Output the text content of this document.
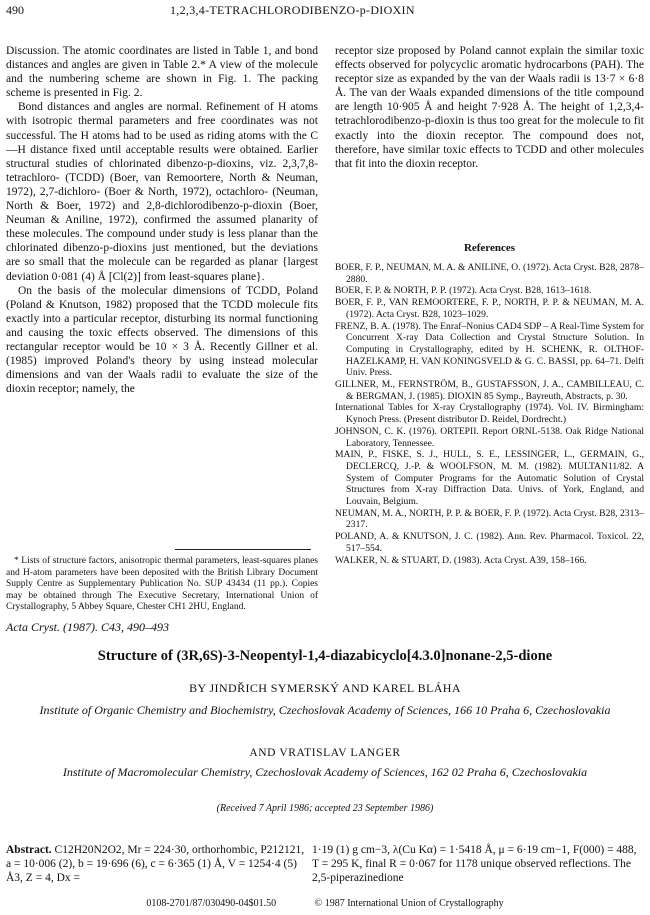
490	1,2,3,4-TETRACHLORODIBENZO-p-DIOXIN

Discussion. The atomic coordinates are listed in Table 1, and bond distances and angles are given in Table 2.* A view of the molecule and the numbering scheme are shown in Fig. 1. The packing scheme is presented in Fig. 2.

Bond distances and angles are normal. Refinement of H atoms with isotropic thermal parameters and free coordinates was not successful. The H atoms had to be used as riding atoms with the C—H distance fixed until acceptable results were obtained. Earlier structural studies of chlorinated dibenzo-p-dioxins, viz. 2,3,7,8-tetrachloro- (TCDD) (Boer, van Remoortere, North & Neuman, 1972), 2,7-dichloro- (Boer & North, 1972), octachloro- (Neuman, North & Boer, 1972) and 2,8-dichlorodibenzo-p-dioxin (Boer, Neuman & Aniline, 1972), confirmed the assumed planarity of these molecules. The compound under study is less planar than the chlorinated dibenzo-p-dioxins just mentioned, but the deviations are so small that the molecule can be regarded as planar {largest deviation 0·081 (4) Å [Cl(2)] from least-squares plane}.

On the basis of the molecular dimensions of TCDD, Poland (Poland & Knutson, 1982) proposed that the TCDD molecule fits exactly into a particular receptor, disturbing its normal functioning and causing the toxic effects observed. The dimensions of this rectangular receptor would be 10 × 3 Å. Recently Gillner et al. (1985) improved Poland's theory by using instead molecular dimensions and van der Waals radii to evaluate the size of the dioxin receptor; namely, the

* Lists of structure factors, anisotropic thermal parameters, least-squares planes and H-atom parameters have been deposited with the British Library Document Supply Centre as Supplementary Publication No. SUP 43434 (11 pp.). Copies may be obtained through The Executive Secretary, International Union of Crystallography, 5 Abbey Square, Chester CH1 2HU, England.

receptor size proposed by Poland cannot explain the similar toxic effects observed for polycyclic aromatic hydrocarbons (PAH). The receptor size as expanded by the van der Waals radii is 13·7 × 6·8 Å. The van der Waals expanded dimensions of the title compound are length 10·905 Å and height 7·928 Å. The height of 1,2,3,4-tetrachlorodibenzo-p-dioxin is thus too great for the molecule to fit exactly into the dioxin receptor. The compound does not, therefore, have similar toxic effects to TCDD and other molecules that fit into the dioxin receptor.

References

BOER, F. P., NEUMAN, M. A. & ANILINE, O. (1972). Acta Cryst. B28, 2878–2880.

BOER, F. P. & NORTH, P. P. (1972). Acta Cryst. B28, 1613–1618.

BOER, F. P., VAN REMOORTERE, F. P., NORTH, P. P. & NEUMAN, M. A. (1972). Acta Cryst. B28, 1023–1029.

FRENZ, B. A. (1978). The Enraf–Nonius CAD4 SDP – A Real-Time System for Concurrent X-ray Data Collection and Crystal Structure Solution. In Computing in Crystallography, edited by H. SCHENK, R. OLTHOF-HAZELKAMP, H. VAN KONINGSVELD & G. C. BASSI, pp. 64–71. Delft Univ. Press.

GILLNER, M., FERNSTRÖM, B., GUSTAFSSON, J. A., CAMBILLEAU, C. & BERGMAN, J. (1985). DIOXIN 85 Symp., Bayreuth, Abstracts, p. 30.

International Tables for X-ray Crystallography (1974). Vol. IV. Birmingham: Kynoch Press. (Present distributor D. Reidel, Dordrecht.)

JOHNSON, C. K. (1976). ORTEPII. Report ORNL-5138. Oak Ridge National Laboratory, Tennessee.

MAIN, P., FISKE, S. J., HULL, S. E., LESSINGER, L., GERMAIN, G., DECLERCQ, J.-P. & WOOLFSON, M. M. (1982). MULTAN11/82. A System of Computer Programs for the Automatic Solution of Crystal Structures from X-ray Diffraction Data. Univs. of York, England, and Louvain, Belgium.

NEUMAN, M. A., NORTH, P. P. & BOER, F. P. (1972). Acta Cryst. B28, 2313–2317.

POLAND, A. & KNUTSON, J. C. (1982). Ann. Rev. Pharmacol. Toxicol. 22, 517–554.

WALKER, N. & STUART, D. (1983). Acta Cryst. A39, 158–166.

Acta Cryst. (1987). C43, 490–493
Structure of (3R,6S)-3-Neopentyl-1,4-diazabicyclo[4.3.0]nonane-2,5-dione
BY JINDŘICH SYMERSKÝ AND KAREL BLÁHA
Institute of Organic Chemistry and Biochemistry, Czechoslovak Academy of Sciences, 166 10 Praha 6, Czechoslovakia
AND VRATISLAV LANGER
Institute of Macromolecular Chemistry, Czechoslovak Academy of Sciences, 162 02 Praha 6, Czechoslovakia
(Received 7 April 1986; accepted 23 September 1986)
Abstract. C12H20N2O2, Mr = 224·30, orthorhombic, P212121, a = 10·006 (2), b = 19·696 (6), c = 6·365 (1) Å, V = 1254·4 (5) Å3, Z = 4, Dx =
1·19 (1) g cm−3, λ(Cu Kα) = 1·5418 Å, μ = 6·19 cm−1, F(000) = 488, T = 295 K, final R = 0·067 for 1178 unique observed reflections. The 2,5-piperazinedione
0108-2701/87/030490-04$01.50	© 1987 International Union of Crystallography
